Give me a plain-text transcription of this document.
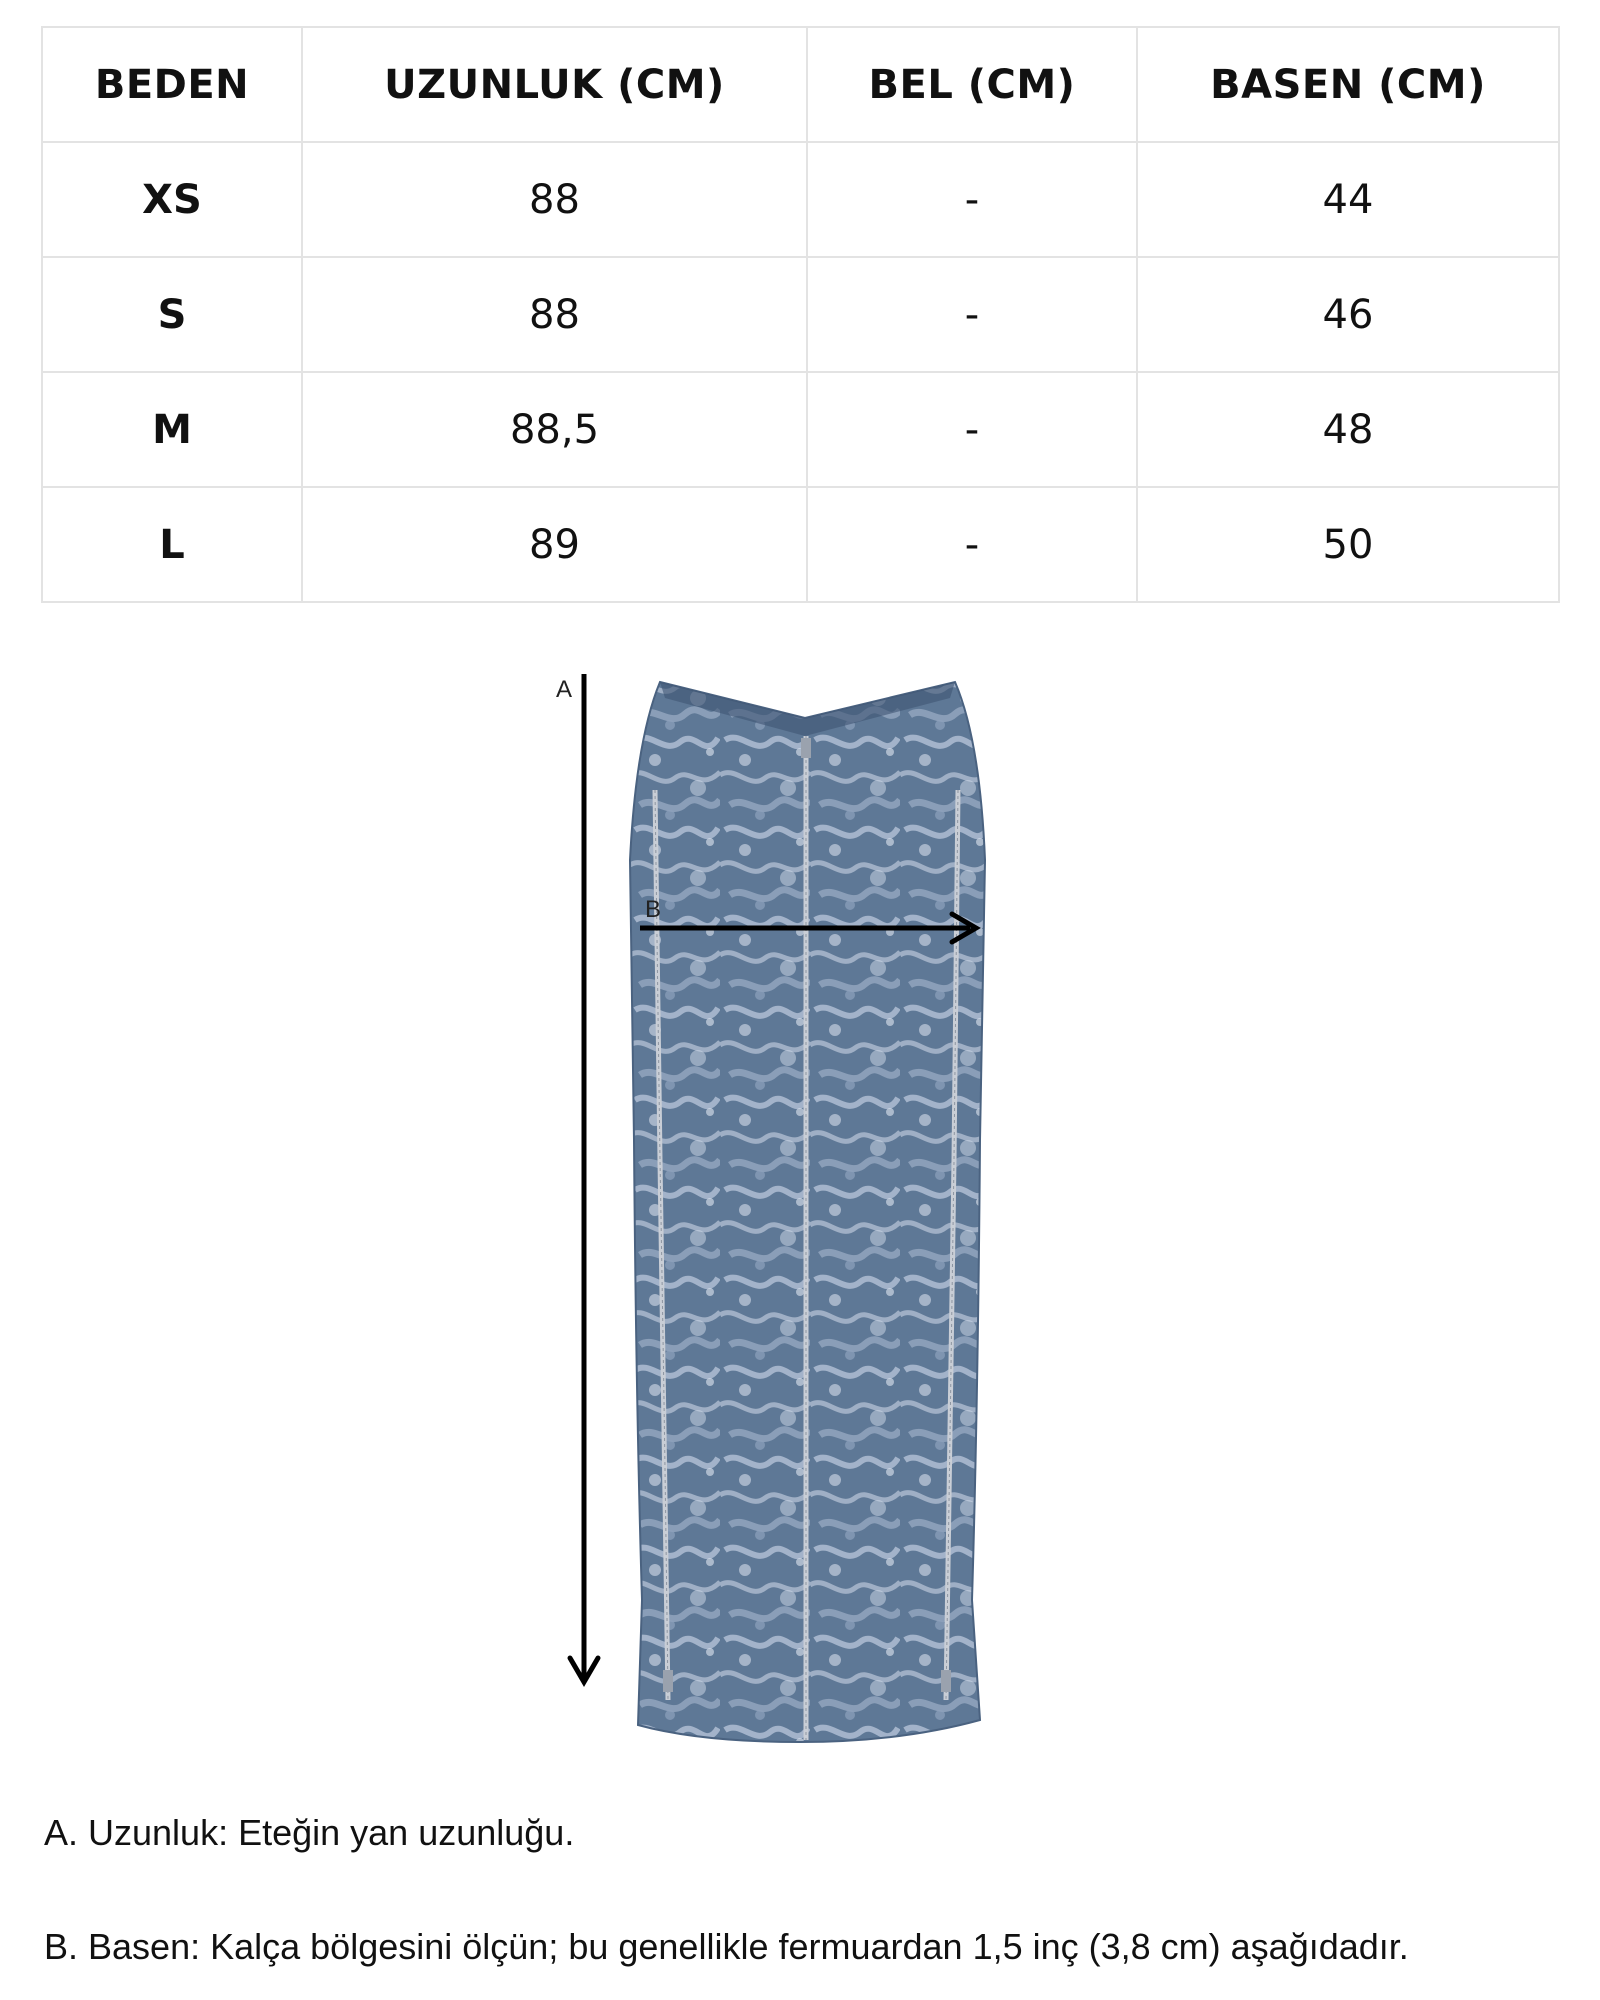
BEDEN	UZUNLUK (CM)	BEL (CM)	BASEN (CM)
XS	88	-	44
S	88	-	46
M	88,5	-	48
L	89	-	50
A
B
A. Uzunluk: Eteğin yan uzunluğu.
B. Basen: Kalça bölgesini ölçün; bu genellikle fermuardan 1,5 inç (3,8 cm) aşağıdadır.
